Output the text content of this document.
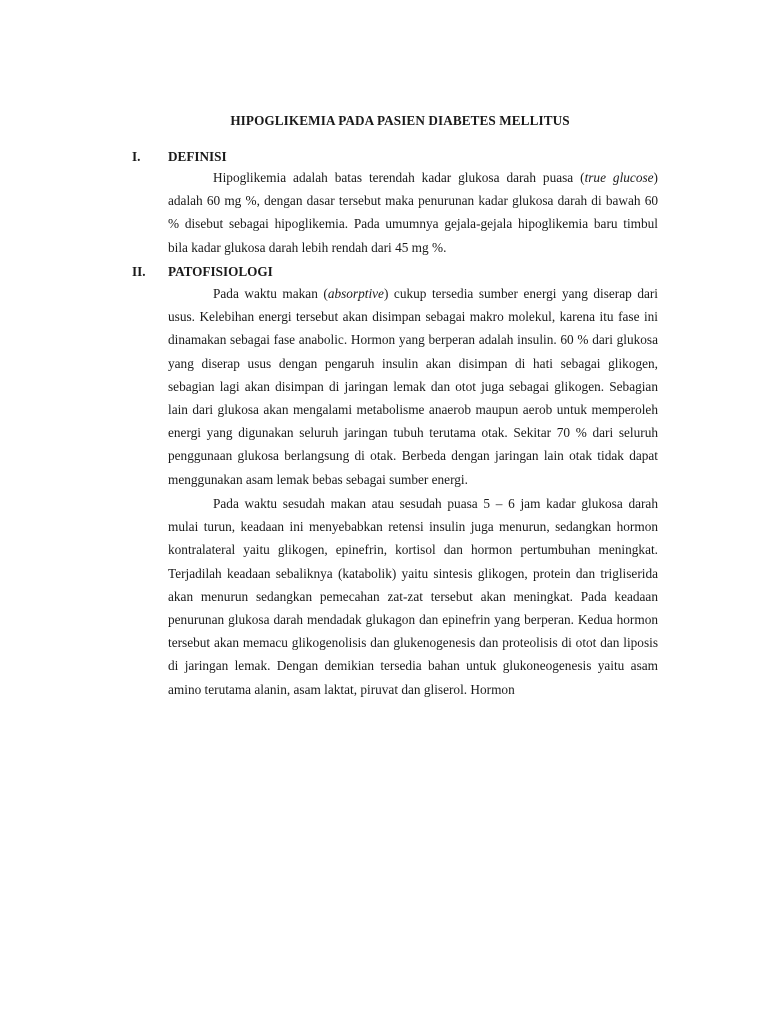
HIPOGLIKEMIA PADA PASIEN DIABETES MELLITUS
I. DEFINISI
Hipoglikemia adalah batas terendah kadar glukosa darah puasa (true glucose) adalah 60 mg %, dengan dasar tersebut maka penurunan kadar glukosa darah di bawah 60 % disebut sebagai hipoglikemia. Pada umumnya gejala-gejala hipoglikemia baru timbul bila kadar glukosa darah lebih rendah dari 45 mg %.
II. PATOFISIOLOGI
Pada waktu makan (absorptive) cukup tersedia sumber energi yang diserap dari usus. Kelebihan energi tersebut akan disimpan sebagai makro molekul, karena itu fase ini dinamakan sebagai fase anabolic. Hormon yang berperan adalah insulin. 60 % dari glukosa yang diserap usus dengan pengaruh insulin akan disimpan di hati sebagai glikogen, sebagian lagi akan disimpan di jaringan lemak dan otot juga sebagai glikogen. Sebagian lain dari glukosa akan mengalami metabolisme anaerob maupun aerob untuk memperoleh energi yang digunakan seluruh jaringan tubuh terutama otak. Sekitar 70 % dari seluruh penggunaan glukosa berlangsung di otak. Berbeda dengan jaringan lain otak tidak dapat menggunakan asam lemak bebas sebagai sumber energi.
Pada waktu sesudah makan atau sesudah puasa 5 – 6 jam kadar glukosa darah mulai turun, keadaan ini menyebabkan retensi insulin juga menurun, sedangkan hormon kontralateral yaitu glikogen, epinefrin, kortisol dan hormon pertumbuhan meningkat. Terjadilah keadaan sebaliknya (katabolik) yaitu sintesis glikogen, protein dan trigliserida akan menurun sedangkan pemecahan zat-zat tersebut akan meningkat. Pada keadaan penurunan glukosa darah mendadak glukagon dan epinefrin yang berperan. Kedua hormon tersebut akan memacu glikogenolisis dan glukenogenesis dan proteolisis di otot dan liposis di jaringan lemak. Dengan demikian tersedia bahan untuk glukoneogenesis yaitu asam amino terutama alanin, asam laktat, piruvat dan gliserol. Hormon
